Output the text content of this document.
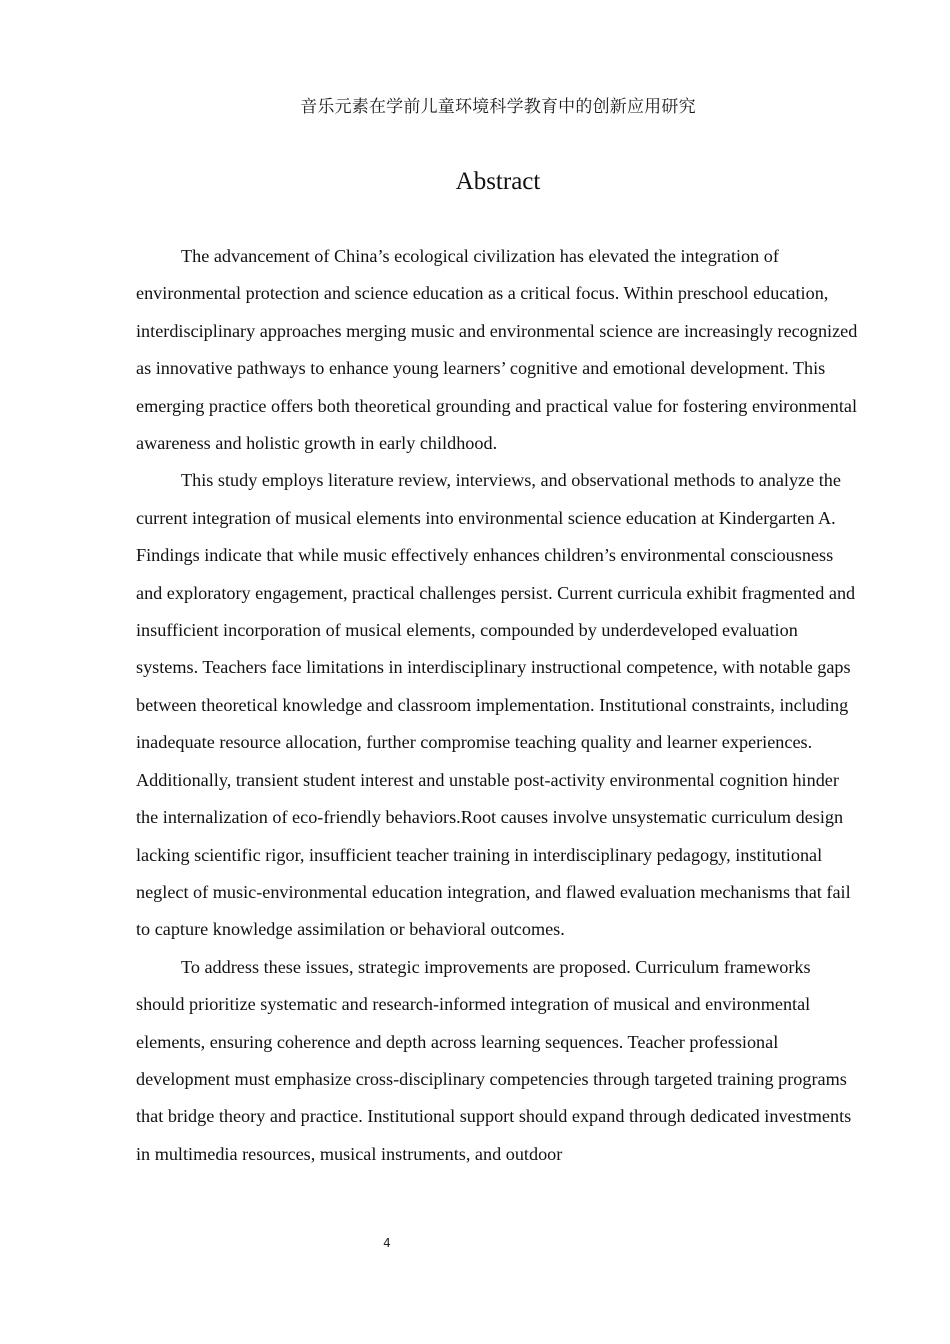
音乐元素在学前儿童环境科学教育中的创新应用研究
Abstract

The advancement of China’s ecological civilization has elevated the integration of environmental protection and science education as a critical focus. Within preschool education, interdisciplinary approaches merging music and environmental science are increasingly recognized as innovative pathways to enhance young learners’ cognitive and emotional development. This emerging practice offers both theoretical grounding and practical value for fostering environmental awareness and holistic growth in early childhood.

This study employs literature review, interviews, and observational methods to analyze the current integration of musical elements into environmental science education at Kindergarten A. Findings indicate that while music effectively enhances children’s environmental consciousness and exploratory engagement, practical challenges persist. Current curricula exhibit fragmented and insufficient incorporation of musical elements, compounded by underdeveloped evaluation systems. Teachers face limitations in interdisciplinary instructional competence, with notable gaps between theoretical knowledge and classroom implementation. Institutional constraints, including inadequate resource allocation, further compromise teaching quality and learner experiences. Additionally, transient student interest and unstable post-activity environmental cognition hinder the internalization of eco-friendly behaviors.Root causes involve unsystematic curriculum design lacking scientific rigor, insufficient teacher training in interdisciplinary pedagogy, institutional neglect of music-environmental education integration, and flawed evaluation mechanisms that fail to capture knowledge assimilation or behavioral outcomes.

To address these issues, strategic improvements are proposed. Curriculum frameworks should prioritize systematic and research-informed integration of musical and environmental elements, ensuring coherence and depth across learning sequences. Teacher professional development must emphasize cross-disciplinary competencies through targeted training programs that bridge theory and practice. Institutional support should expand through dedicated investments in multimedia resources, musical instruments, and outdoor

4
